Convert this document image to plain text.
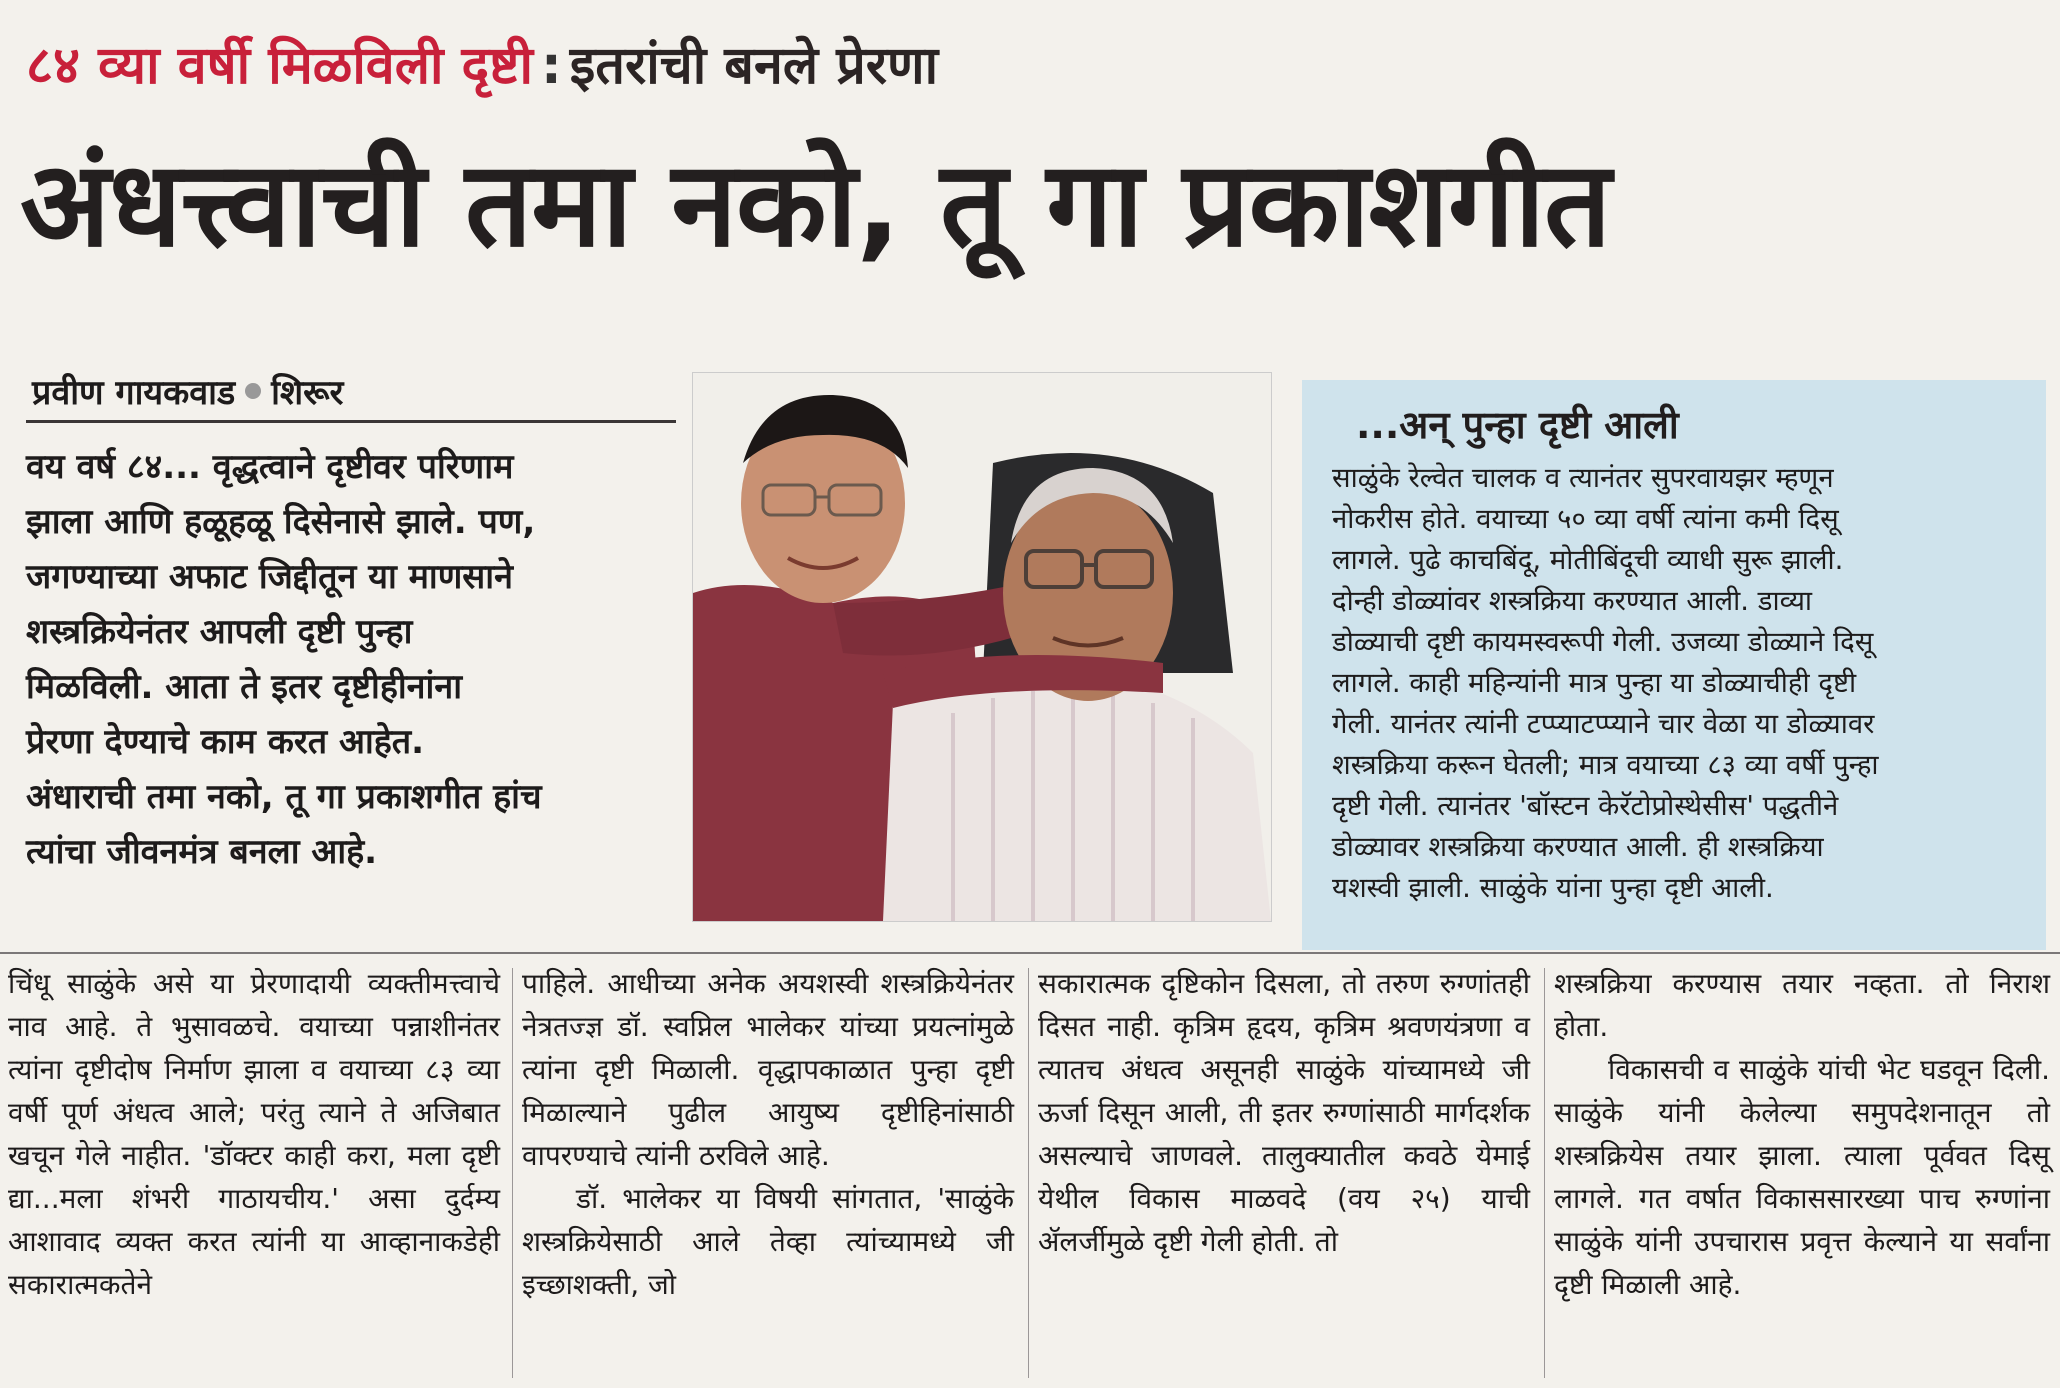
८४ व्या वर्षी मिळविली दृष्टी : इतरांची बनले प्रेरणा
अंधत्त्वाची तमा नको, तू गा प्रकाशगीत
प्रवीण गायकवाड शिरूर

वय वर्ष ८४... वृद्धत्वाने दृष्टीवर परिणाम

झाला आणि हळूहळू दिसेनासे झाले. पण,

जगण्याच्या अफाट जिद्दीतून या माणसाने

शस्त्रक्रियेनंतर आपली दृष्टी पुन्हा

मिळविली. आता ते इतर दृष्टीहीनांना

प्रेरणा देण्याचे काम करत आहेत.

अंधाराची तमा नको, तू गा प्रकाशगीत हांच

त्यांचा जीवनमंत्र बनला आहे.

...अन् पुन्हा दृष्टी आली

साळुंके रेल्वेत चालक व त्यानंतर सुपरवायझर म्हणून

नोकरीस होते. वयाच्या ५० व्या वर्षी त्यांना कमी दिसू

लागले. पुढे काचबिंदू, मोतीबिंदूची व्याधी सुरू झाली.

दोन्ही डोळ्यांवर शस्त्रक्रिया करण्यात आली. डाव्या

डोळ्याची दृष्टी कायमस्वरूपी गेली. उजव्या डोळ्याने दिसू

लागले. काही महिन्यांनी मात्र पुन्हा या डोळ्याचीही दृष्टी

गेली. यानंतर त्यांनी टप्प्याटप्प्याने चार वेळा या डोळ्यावर

शस्त्रक्रिया करून घेतली; मात्र वयाच्या ८३ व्या वर्षी पुन्हा

दृष्टी गेली. त्यानंतर 'बॉस्टन केरॅटोप्रोस्थेसीस' पद्धतीने

डोळ्यावर शस्त्रक्रिया करण्यात आली. ही शस्त्रक्रिया

यशस्वी झाली. साळुंके यांना पुन्हा दृष्टी आली.

चिंधू साळुंके असे या प्रेरणादायी व्यक्तीमत्त्वाचे नाव आहे. ते भुसावळचे. वयाच्या पन्नाशीनंतर त्यांना दृष्टीदोष निर्माण झाला व वयाच्या ८३ व्या वर्षी पूर्ण अंधत्व आले; परंतु त्याने ते अजिबात खचून गेले नाहीत. 'डॉक्टर काही करा, मला दृष्टी द्या...मला शंभरी गाठायचीय.' असा दुर्दम्य आशावाद व्यक्त करत त्यांनी या आव्हानाकडेही सकारात्मकतेने

पाहिले. आधीच्या अनेक अयशस्वी शस्त्रक्रियेनंतर नेत्रतज्ज्ञ डॉ. स्वप्निल भालेकर यांच्या प्रयत्नांमुळे त्यांना दृष्टी मिळाली. वृद्धापकाळात पुन्हा दृष्टी मिळाल्याने पुढील आयुष्य दृष्टीहिनांसाठी वापरण्याचे त्यांनी ठरविले आहे.

डॉ. भालेकर या विषयी सांगतात, 'साळुंके शस्त्रक्रियेसाठी आले तेव्हा त्यांच्यामध्ये जी इच्छाशक्ती, जो

सकारात्मक दृष्टिकोन दिसला, तो तरुण रुग्णांतही दिसत नाही. कृत्रिम हृदय, कृत्रिम श्रवणयंत्रणा व त्यातच अंधत्व असूनही साळुंके यांच्यामध्ये जी ऊर्जा दिसून आली, ती इतर रुग्णांसाठी मार्गदर्शक असल्याचे जाणवले. तालुक्यातील कवठे येमाई येथील विकास माळवदे (वय २५) याची ॲलर्जीमुळे दृष्टी गेली होती. तो

शस्त्रक्रिया करण्यास तयार नव्हता. तो निराश होता.

विकासची व साळुंके यांची भेट घडवून दिली. साळुंके यांनी केलेल्या समुपदेशनातून तो शस्त्रक्रियेस तयार झाला. त्याला पूर्ववत दिसू लागले. गत वर्षात विकाससारख्या पाच रुग्णांना साळुंके यांनी उपचारास प्रवृत्त केल्याने या सर्वांना दृष्टी मिळाली आहे.
